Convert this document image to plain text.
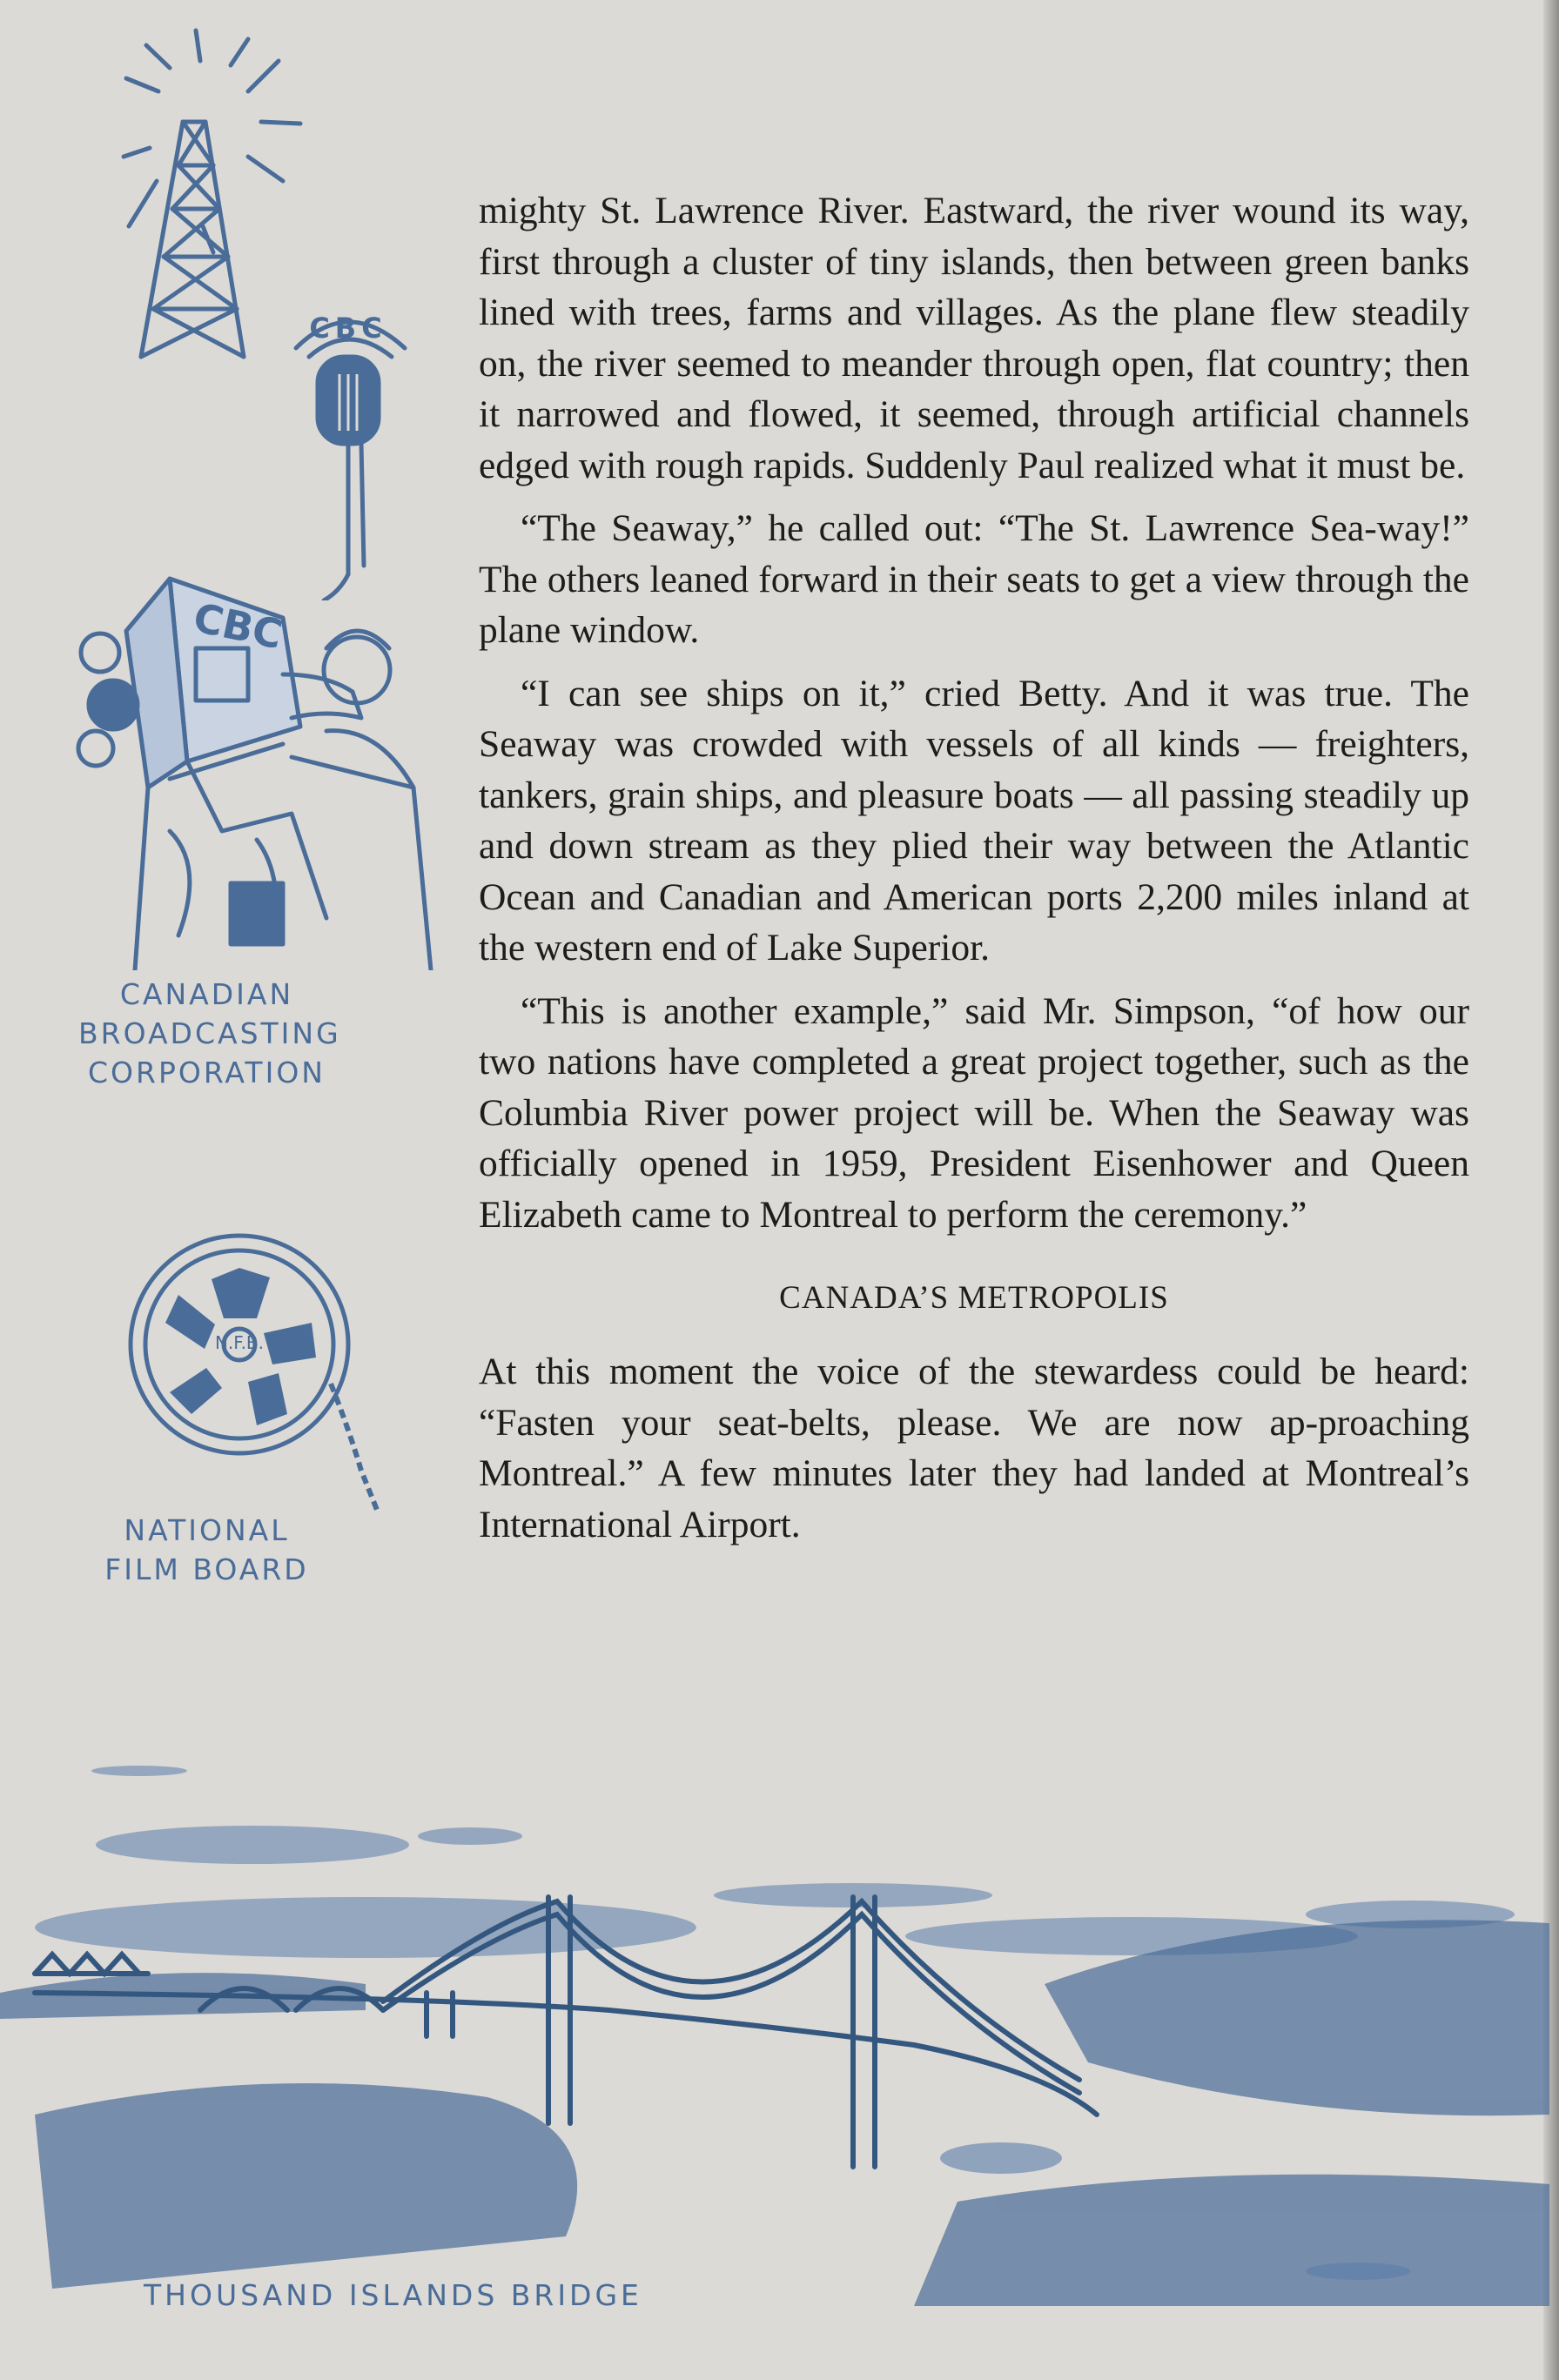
CBC
CBC
CANADIAN
BROADCASTING
CORPORATION
N.F.B.
NATIONAL
FILM BOARD

mighty St. Lawrence River. Eastward, the river wound its way, first through a cluster of tiny islands, then between green banks lined with trees, farms and villages. As the plane flew steadily on, the river seemed to meander through open, flat country; then it narrowed and flowed, it seemed, through artificial channels edged with rough rapids. Suddenly Paul realized what it must be.

“The Seaway,” he called out: “The St. Lawrence Sea-way!” The others leaned forward in their seats to get a view through the plane window.

“I can see ships on it,” cried Betty. And it was true. The Seaway was crowded with vessels of all kinds — freighters, tankers, grain ships, and pleasure boats — all passing steadily up and down stream as they plied their way between the Atlantic Ocean and Canadian and American ports 2,200 miles inland at the western end of Lake Superior.

“This is another example,” said Mr. Simpson, “of how our two nations have completed a great project together, such as the Columbia River power project will be. When the Seaway was officially opened in 1959, President Eisenhower and Queen Elizabeth came to Montreal to perform the ceremony.”

CANADA’S METROPOLIS

At this moment the voice of the stewardess could be heard: “Fasten your seat-belts, please. We are now ap-proaching Montreal.” A few minutes later they had landed at Montreal’s International Airport.

THOUSAND ISLANDS BRIDGE
